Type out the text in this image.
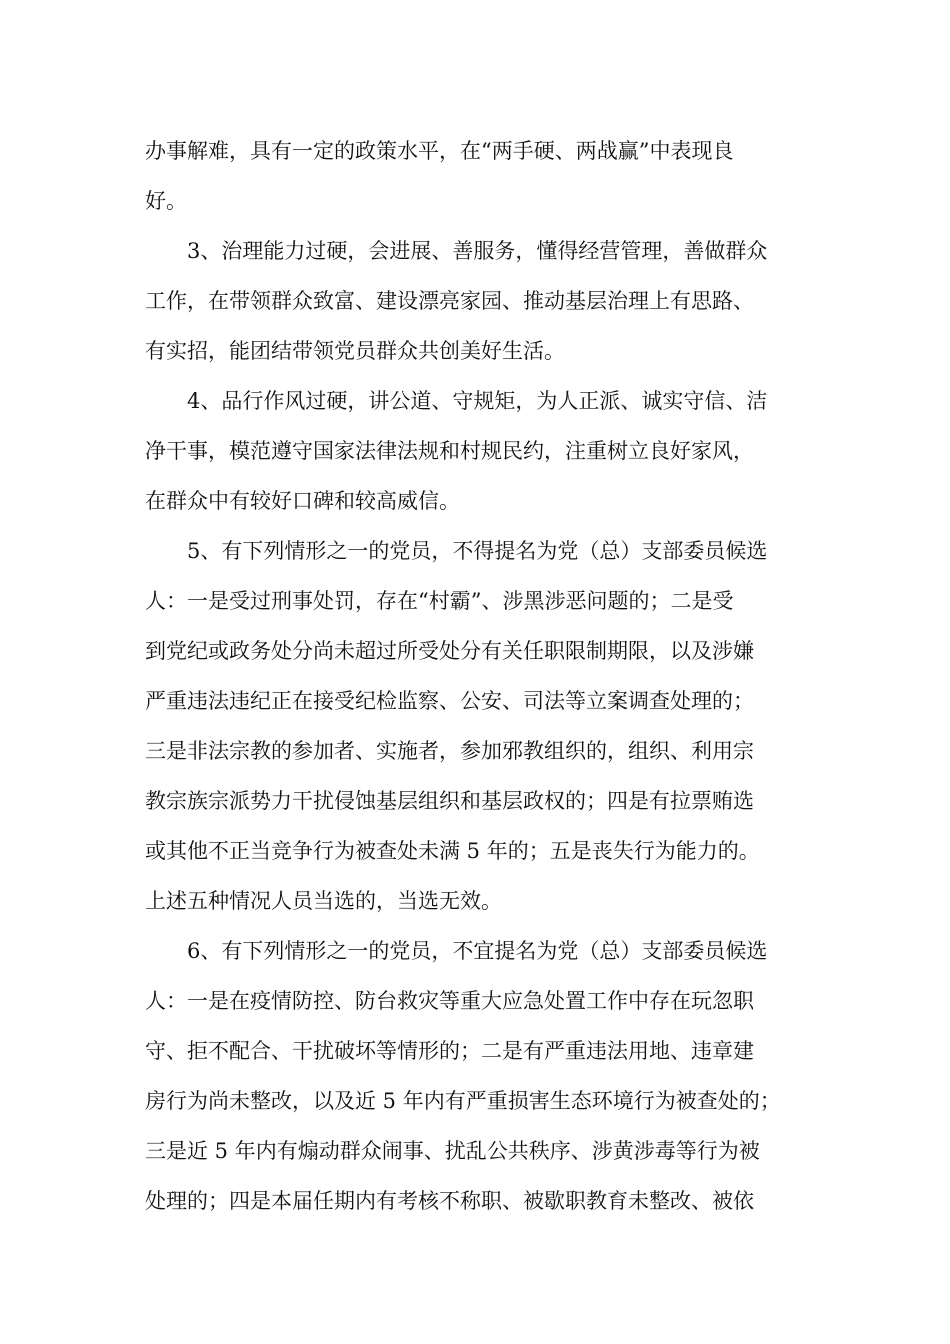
办事解难，具有一定的政策水平，在“两手硬、两战赢”中表现良
好。
　　3、治理能力过硬，会进展、善服务，懂得经营管理，善做群众
工作，在带领群众致富、建设漂亮家园、推动基层治理上有思路、
有实招，能团结带领党员群众共创美好生活。
　　4、品行作风过硬，讲公道、守规矩，为人正派、诚实守信、洁
净干事，模范遵守国家法律法规和村规民约，注重树立良好家风，
在群众中有较好口碑和较高威信。
　　5、有下列情形之一的党员，不得提名为党（总）支部委员候选
人：一是受过刑事处罚，存在“村霸”、涉黑涉恶问题的；二是受
到党纪或政务处分尚未超过所受处分有关任职限制期限，以及涉嫌
严重违法违纪正在接受纪检监察、公安、司法等立案调查处理的；
三是非法宗教的参加者、实施者，参加邪教组织的，组织、利用宗
教宗族宗派势力干扰侵蚀基层组织和基层政权的；四是有拉票贿选
或其他不正当竞争行为被查处未满 5 年的；五是丧失行为能力的。
上述五种情况人员当选的，当选无效。
　　6、有下列情形之一的党员，不宜提名为党（总）支部委员候选
人：一是在疫情防控、防台救灾等重大应急处置工作中存在玩忽职
守、拒不配合、干扰破坏等情形的；二是有严重违法用地、违章建
房行为尚未整改，以及近 5 年内有严重损害生态环境行为被查处的；
三是近 5 年内有煽动群众闹事、扰乱公共秩序、涉黄涉毒等行为被
处理的；四是本届任期内有考核不称职、被歇职教育未整改、被依
